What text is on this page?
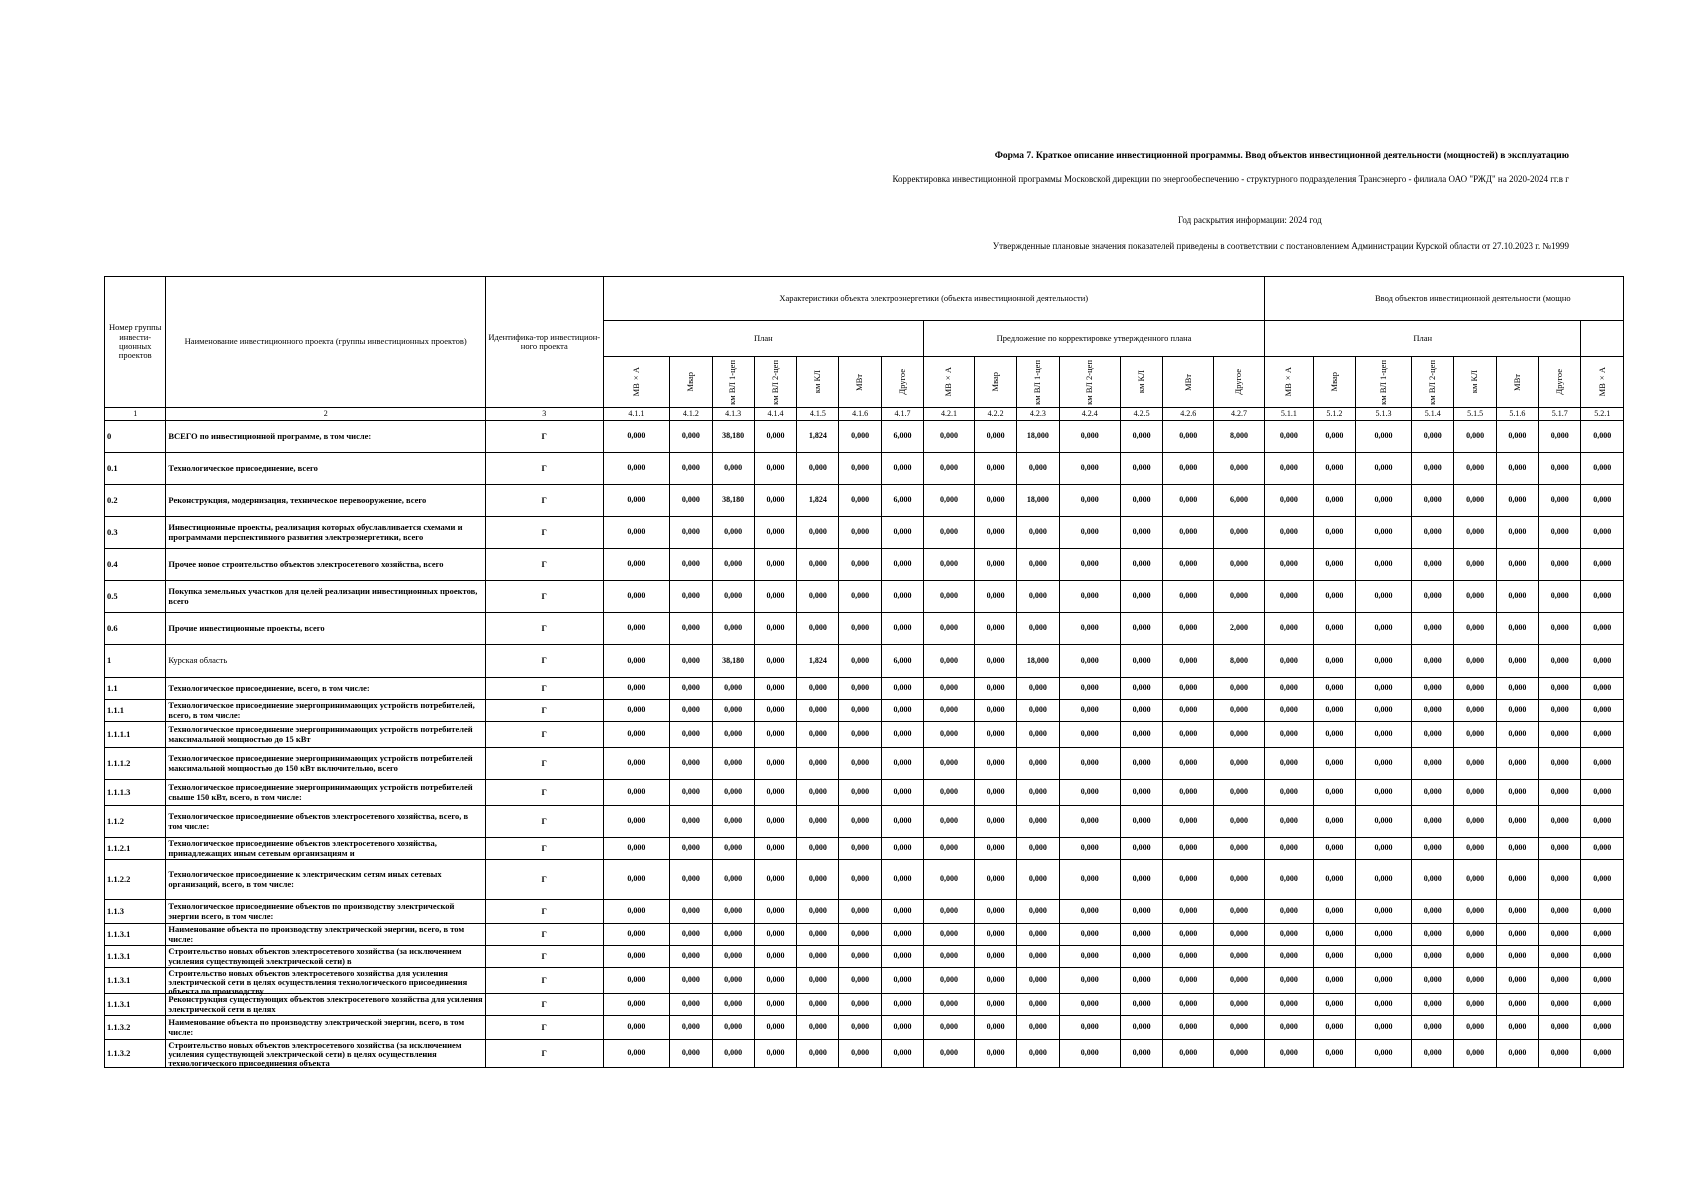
Форма 7. Краткое описание инвестиционной программы. Ввод объектов инвестиционной деятельности (мощностей) в эксплуатацию
Корректировка инвестиционной программы Московской дирекции по энергообеспечению - структурного подразделения Трансэнерго - филиала ОАО "РЖД" на 2020-2024 гг.в г
Год раскрытия информации: 2024 год
Утвержденные плановые значения показателей приведены в соответствии с постановлением Администрации Курской области от 27.10.2023 г. №1999
Номер группы инвести-ционных проектов	Наименование инвестиционного проекта (группы инвестиционных проектов)	Идентифика-тор инвестицион-ного проекта	Характеристики объекта электроэнергетики (объекта инвестиционной деятельности)														Ввод объектов инвестиционной деятельности (мощно							
			План							Предложение по корректировке утвержденного плана							План							

			МВ×А	Мвар	км ВЛ 1-цеп	км ВЛ 2-цеп	км КЛ	МВт	Другое	МВ×А	Мвар	км ВЛ 1-цеп	км ВЛ 2-цеп	км КЛ	МВт	Другое	МВ×А	Мвар	км ВЛ 1-цеп	км ВЛ 2-цеп	км КЛ	МВт	Другое	МВ×А

1	2	3	4.1.1	4.1.2	4.1.3	4.1.4	4.1.5	4.1.6	4.1.7	4.2.1	4.2.2	4.2.3	4.2.4	4.2.5	4.2.6	4.2.7	5.1.1	5.1.2	5.1.3	5.1.4	5.1.5	5.1.6	5.1.7	5.2.1
0	ВСЕГО по инвестиционной программе, в том числе:	Г	0,000	0,000	38,180	0,000	1,824	0,000	6,000	0,000	0,000	18,000	0,000	0,000	0,000	8,000	0,000	0,000	0,000	0,000	0,000	0,000	0,000	0,000
0.1	Технологическое присоединение, всего	Г	0,000	0,000	0,000	0,000	0,000	0,000	0,000	0,000	0,000	0,000	0,000	0,000	0,000	0,000	0,000	0,000	0,000	0,000	0,000	0,000	0,000	0,000
0.2	Реконструкция, модернизация, техническое перевооружение, всего	Г	0,000	0,000	38,180	0,000	1,824	0,000	6,000	0,000	0,000	18,000	0,000	0,000	0,000	6,000	0,000	0,000	0,000	0,000	0,000	0,000	0,000	0,000
0.3	Инвестиционные проекты, реализация которых обуславливается схемами и программами перспективного развития электроэнергетики, всего	Г	0,000	0,000	0,000	0,000	0,000	0,000	0,000	0,000	0,000	0,000	0,000	0,000	0,000	0,000	0,000	0,000	0,000	0,000	0,000	0,000	0,000	0,000
0.4	Прочее новое строительство объектов электросетевого хозяйства, всего	Г	0,000	0,000	0,000	0,000	0,000	0,000	0,000	0,000	0,000	0,000	0,000	0,000	0,000	0,000	0,000	0,000	0,000	0,000	0,000	0,000	0,000	0,000
0.5	Покупка земельных участков для целей реализации инвестиционных проектов, всего	Г	0,000	0,000	0,000	0,000	0,000	0,000	0,000	0,000	0,000	0,000	0,000	0,000	0,000	0,000	0,000	0,000	0,000	0,000	0,000	0,000	0,000	0,000
0.6	Прочие инвестиционные проекты, всего	Г	0,000	0,000	0,000	0,000	0,000	0,000	0,000	0,000	0,000	0,000	0,000	0,000	0,000	2,000	0,000	0,000	0,000	0,000	0,000	0,000	0,000	0,000
1	Курская область	Г	0,000	0,000	38,180	0,000	1,824	0,000	6,000	0,000	0,000	18,000	0,000	0,000	0,000	8,000	0,000	0,000	0,000	0,000	0,000	0,000	0,000	0,000
1.1	Технологическое присоединение, всего, в том числе:	Г	0,000	0,000	0,000	0,000	0,000	0,000	0,000	0,000	0,000	0,000	0,000	0,000	0,000	0,000	0,000	0,000	0,000	0,000	0,000	0,000	0,000	0,000
1.1.1	Технологическое присоединение энергопринимающих устройств потребителей, всего, в том числе:	Г	0,000	0,000	0,000	0,000	0,000	0,000	0,000	0,000	0,000	0,000	0,000	0,000	0,000	0,000	0,000	0,000	0,000	0,000	0,000	0,000	0,000	0,000
1.1.1.1	Технологическое присоединение энергопринимающих устройств потребителей максимальной мощностью до 15 кВт	Г	0,000	0,000	0,000	0,000	0,000	0,000	0,000	0,000	0,000	0,000	0,000	0,000	0,000	0,000	0,000	0,000	0,000	0,000	0,000	0,000	0,000	0,000
1.1.1.2	Технологическое присоединение энергопринимающих устройств потребителей максимальной мощностью до 150 кВт включительно, всего	Г	0,000	0,000	0,000	0,000	0,000	0,000	0,000	0,000	0,000	0,000	0,000	0,000	0,000	0,000	0,000	0,000	0,000	0,000	0,000	0,000	0,000	0,000
1.1.1.3	Технологическое присоединение энергопринимающих устройств потребителей свыше 150 кВт, всего, в том числе:	Г	0,000	0,000	0,000	0,000	0,000	0,000	0,000	0,000	0,000	0,000	0,000	0,000	0,000	0,000	0,000	0,000	0,000	0,000	0,000	0,000	0,000	0,000
1.1.2	Технологическое присоединение объектов электросетевого хозяйства, всего, в том числе:	Г	0,000	0,000	0,000	0,000	0,000	0,000	0,000	0,000	0,000	0,000	0,000	0,000	0,000	0,000	0,000	0,000	0,000	0,000	0,000	0,000	0,000	0,000
1.1.2.1	Технологическое присоединение объектов электросетевого хозяйства, принадлежащих иным сетевым организациям и	Г	0,000	0,000	0,000	0,000	0,000	0,000	0,000	0,000	0,000	0,000	0,000	0,000	0,000	0,000	0,000	0,000	0,000	0,000	0,000	0,000	0,000	0,000
1.1.2.2	Технологическое присоединение к электрическим сетям иных сетевых организаций, всего, в том числе:	Г	0,000	0,000	0,000	0,000	0,000	0,000	0,000	0,000	0,000	0,000	0,000	0,000	0,000	0,000	0,000	0,000	0,000	0,000	0,000	0,000	0,000	0,000
1.1.3	Технологическое присоединение объектов по производству электрической энергии всего, в том числе:	Г	0,000	0,000	0,000	0,000	0,000	0,000	0,000	0,000	0,000	0,000	0,000	0,000	0,000	0,000	0,000	0,000	0,000	0,000	0,000	0,000	0,000	0,000
1.1.3.1	Наименование объекта по производству электрической энергии, всего, в том числе:	Г	0,000	0,000	0,000	0,000	0,000	0,000	0,000	0,000	0,000	0,000	0,000	0,000	0,000	0,000	0,000	0,000	0,000	0,000	0,000	0,000	0,000	0,000
1.1.3.1	Строительство новых объектов электросетевого хозяйства (за исключением усиления существующей электрической сети) в	Г	0,000	0,000	0,000	0,000	0,000	0,000	0,000	0,000	0,000	0,000	0,000	0,000	0,000	0,000	0,000	0,000	0,000	0,000	0,000	0,000	0,000	0,000
1.1.3.1	Строительство новых объектов электросетевого хозяйства для усиления электрической сети в целях осуществления технологического присоединения объекта по производству	Г	0,000	0,000	0,000	0,000	0,000	0,000	0,000	0,000	0,000	0,000	0,000	0,000	0,000	0,000	0,000	0,000	0,000	0,000	0,000	0,000	0,000	0,000
1.1.3.1	Реконструкция существующих объектов электросетевого хозяйства для усиления электрической сети в целях	Г	0,000	0,000	0,000	0,000	0,000	0,000	0,000	0,000	0,000	0,000	0,000	0,000	0,000	0,000	0,000	0,000	0,000	0,000	0,000	0,000	0,000	0,000
1.1.3.2	Наименование объекта по производству электрической энергии, всего, в том числе:	Г	0,000	0,000	0,000	0,000	0,000	0,000	0,000	0,000	0,000	0,000	0,000	0,000	0,000	0,000	0,000	0,000	0,000	0,000	0,000	0,000	0,000	0,000
1.1.3.2	Строительство новых объектов электросетевого хозяйства (за исключением усиления существующей электрической сети) в целях осуществления технологического присоединения объекта	Г	0,000	0,000	0,000	0,000	0,000	0,000	0,000	0,000	0,000	0,000	0,000	0,000	0,000	0,000	0,000	0,000	0,000	0,000	0,000	0,000	0,000	0,000
